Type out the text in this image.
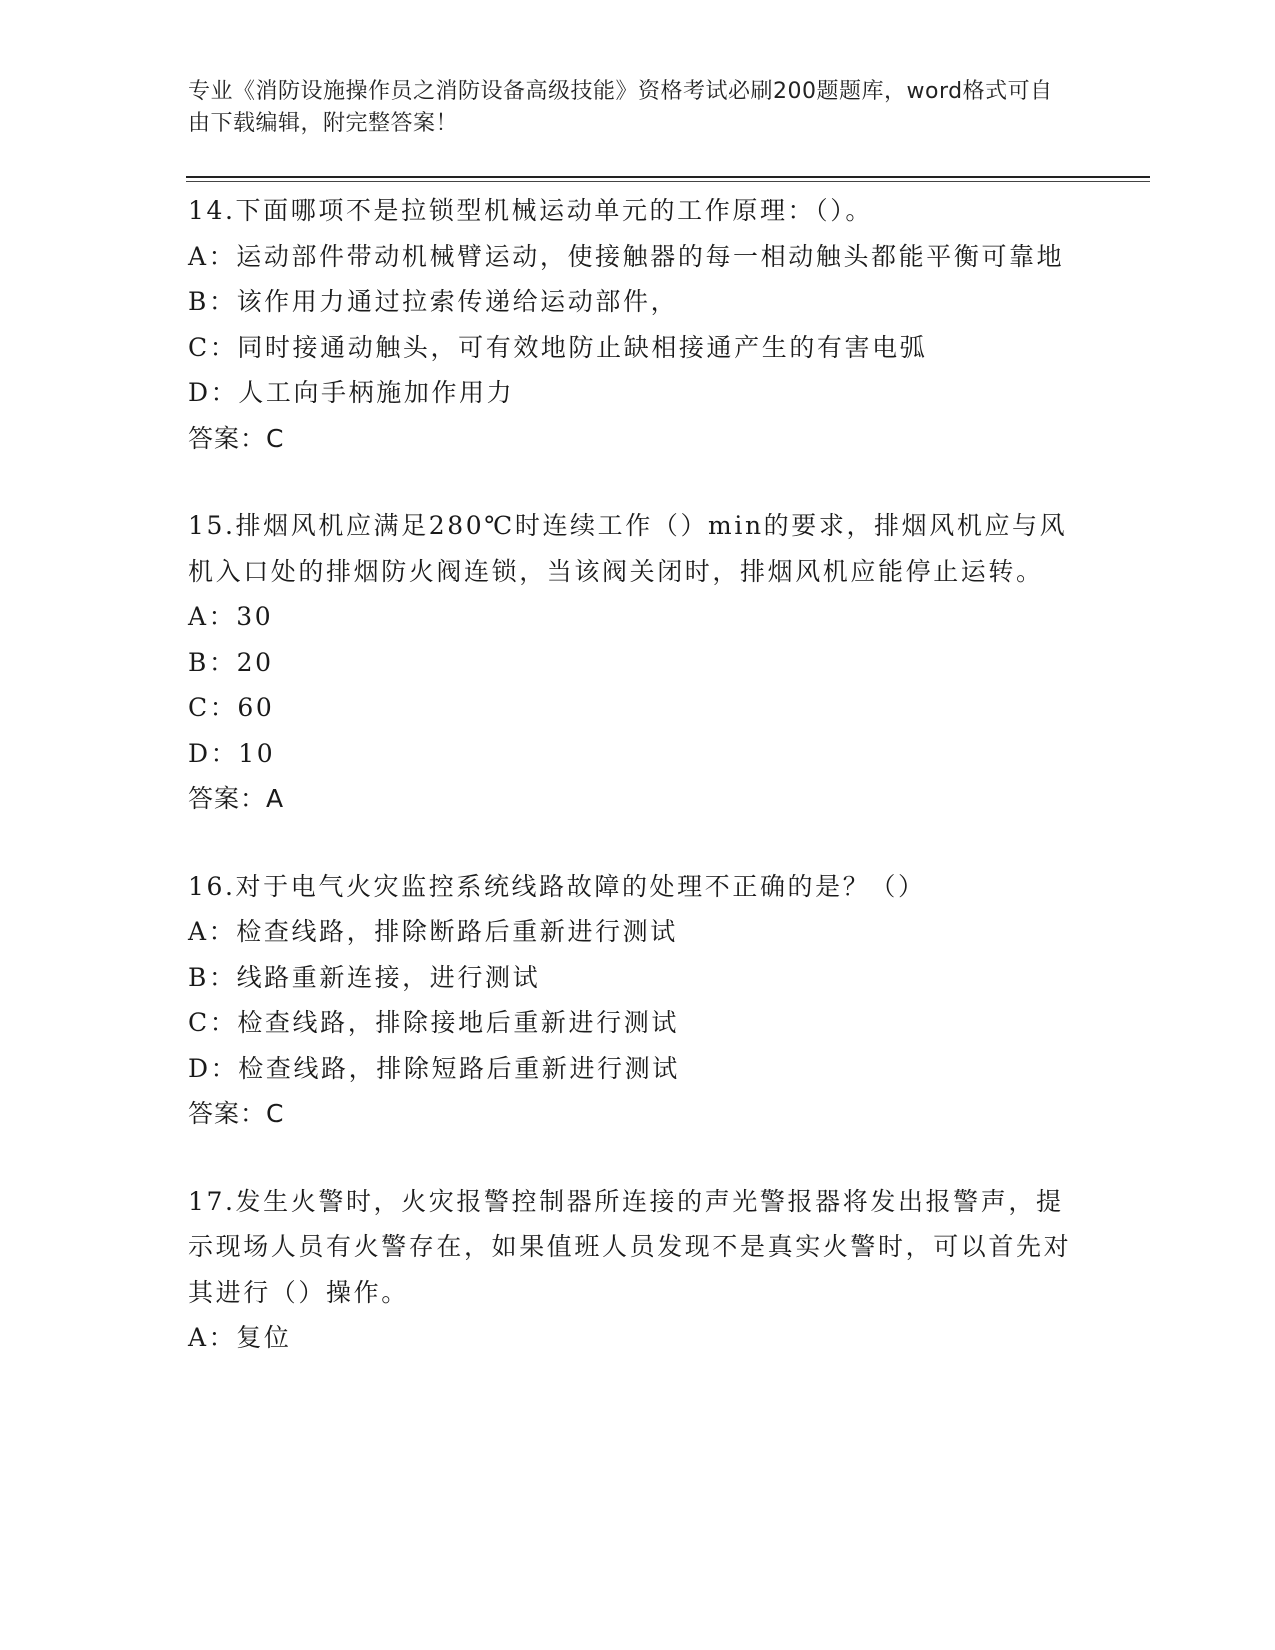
专业《消防设施操作员之消防设备高级技能》资格考试必刷200题题库，word格式可自由下载编辑，附完整答案！
14.下面哪项不是拉锁型机械运动单元的工作原理：（）。
A：运动部件带动机械臂运动，使接触器的每一相动触头都能平衡可靠地
B：该作用力通过拉索传递给运动部件，
C：同时接通动触头，可有效地防止缺相接通产生的有害电弧
D：人工向手柄施加作用力
答案：C
15.排烟风机应满足280℃时连续工作（）min的要求，排烟风机应与风机入口处的排烟防火阀连锁，当该阀关闭时，排烟风机应能停止运转。
A：30
B：20
C：60
D：10
答案：A
16.对于电气火灾监控系统线路故障的处理不正确的是？（）
A：检查线路，排除断路后重新进行测试
B：线路重新连接，进行测试
C：检查线路，排除接地后重新进行测试
D：检查线路，排除短路后重新进行测试
答案：C
17.发生火警时，火灾报警控制器所连接的声光警报器将发出报警声，提示现场人员有火警存在，如果值班人员发现不是真实火警时，可以首先对其进行（）操作。
A：复位
